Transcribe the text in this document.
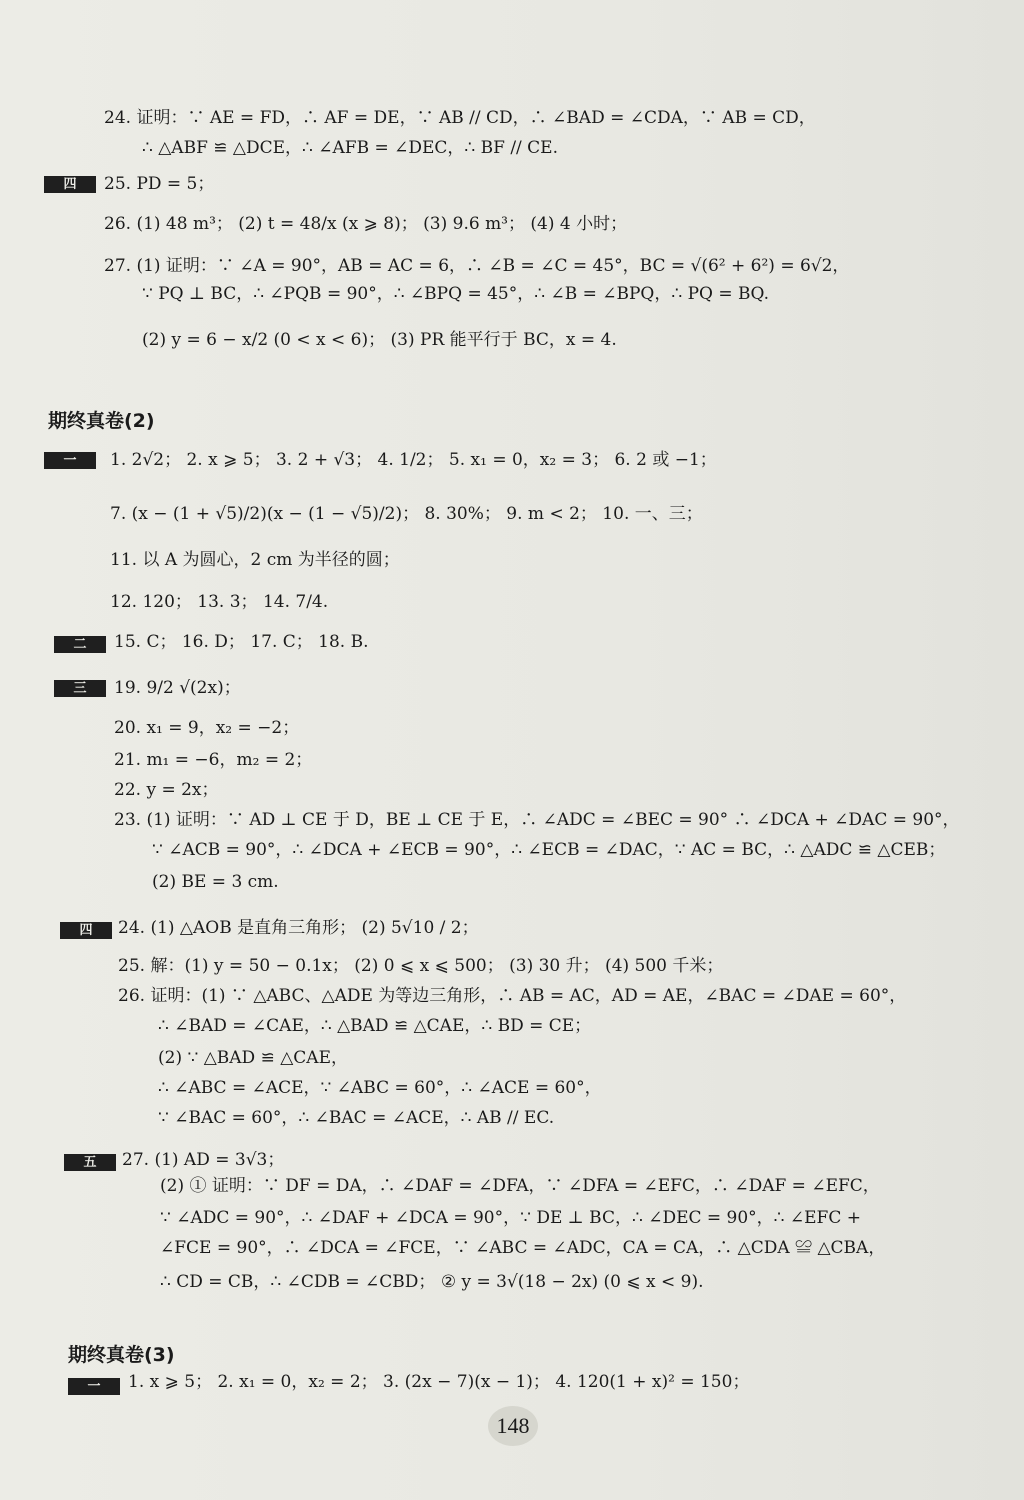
24. 证明：∵ AE = FD，∴ AF = DE，∵ AB // CD，∴ ∠BAD = ∠CDA，∵ AB = CD，
∴ △ABF ≌ △DCE，∴ ∠AFB = ∠DEC，∴ BF // CE.
四	25. PD = 5；
26. (1) 48 m³； (2) t = 48/x (x ⩾ 8)； (3) 9.6 m³； (4) 4 小时；
27. (1) 证明：∵ ∠A = 90°，AB = AC = 6，∴ ∠B = ∠C = 45°，BC = √(6² + 6²) = 6√2，
∵ PQ ⊥ BC，∴ ∠PQB = 90°，∴ ∠BPQ = 45°，∴ ∠B = ∠BPQ，∴ PQ = BQ.
(2) y = 6 − x/2 (0 < x < 6)； (3) PR 能平行于 BC，x = 4.
期终真卷(2)
一	1. 2√2； 2. x ⩾ 5； 3. 2 + √3； 4. 1/2； 5. x₁ = 0，x₂ = 3； 6. 2 或 −1；
7. (x − (1 + √5)/2)(x − (1 − √5)/2)； 8. 30%； 9. m < 2； 10. 一、三；
11. 以 A 为圆心，2 cm 为半径的圆；
12. 120； 13. 3； 14. 7/4.
二	15. C； 16. D； 17. C； 18. B.
三	19. 9/2 √(2x)；
20. x₁ = 9，x₂ = −2；
21. m₁ = −6，m₂ = 2；
22. y = 2x；
23. (1) 证明：∵ AD ⊥ CE 于 D，BE ⊥ CE 于 E，∴ ∠ADC = ∠BEC = 90° ∴ ∠DCA + ∠DAC = 90°，
∵ ∠ACB = 90°，∴ ∠DCA + ∠ECB = 90°，∴ ∠ECB = ∠DAC，∵ AC = BC，∴ △ADC ≌ △CEB；
(2) BE = 3 cm.
四	24. (1) △AOB 是直角三角形； (2) 5√10 / 2；
25. 解：(1) y = 50 − 0.1x； (2) 0 ⩽ x ⩽ 500； (3) 30 升； (4) 500 千米；
26. 证明：(1) ∵ △ABC、△ADE 为等边三角形，∴ AB = AC，AD = AE，∠BAC = ∠DAE = 60°，
∴ ∠BAD = ∠CAE，∴ △BAD ≌ △CAE，∴ BD = CE；
(2) ∵ △BAD ≌ △CAE，
∴ ∠ABC = ∠ACE，∵ ∠ABC = 60°，∴ ∠ACE = 60°，
∵ ∠BAC = 60°，∴ ∠BAC = ∠ACE，∴ AB // EC.
五	27. (1) AD = 3√3；
(2) ① 证明：∵ DF = DA，∴ ∠DAF = ∠DFA，∵ ∠DFA = ∠EFC，∴ ∠DAF = ∠EFC，
∵ ∠ADC = 90°，∴ ∠DAF + ∠DCA = 90°，∵ DE ⊥ BC，∴ ∠DEC = 90°，∴ ∠EFC +
∠FCE = 90°，∴ ∠DCA = ∠FCE，∵ ∠ABC = ∠ADC，CA = CA，∴ △CDA ≌ △CBA，
∴ CD = CB，∴ ∠CDB = ∠CBD； ② y = 3√(18 − 2x) (0 ⩽ x < 9).
期终真卷(3)
一	1. x ⩾ 5； 2. x₁ = 0，x₂ = 2； 3. (2x − 7)(x − 1)； 4. 120(1 + x)² = 150；
148
